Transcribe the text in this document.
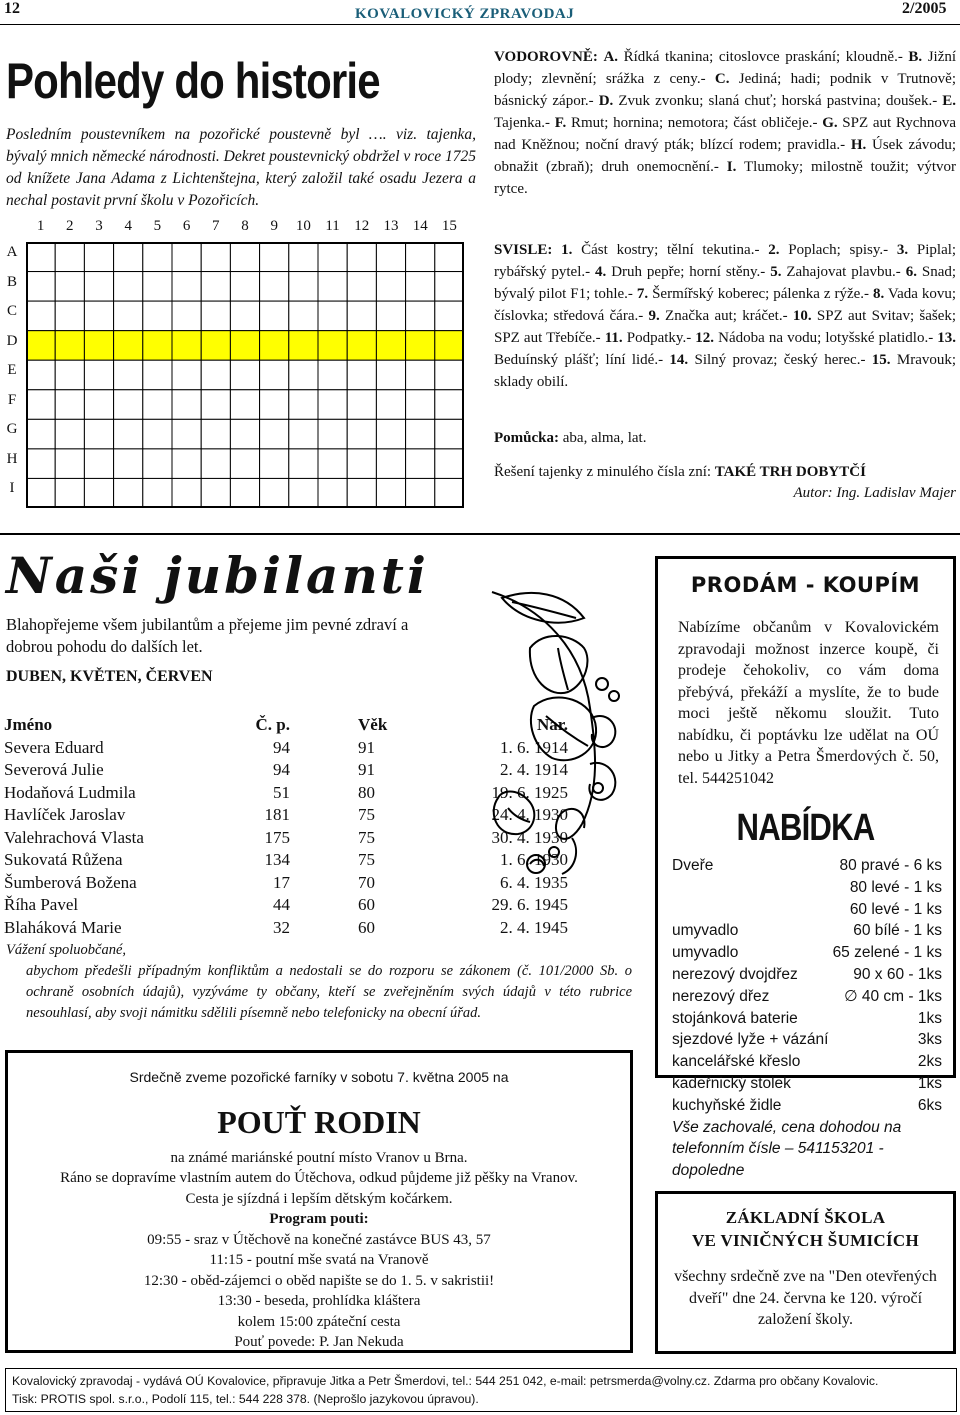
12	KOVALOVICKÝ ZPRAVODAJ	2/2005
Pohledy do historie
Posledním poustevníkem na pozořické poustevně byl …. viz. tajenka, bývalý mnich německé národnosti. Dekret poustevnický obdržel v roce 1725 od knížete Jana Adama z Lichtenštejna, který založil také osadu Jezera a nechal postavit první školu v Pozořicích.
1	2	3	4	5	6	7	8	9	10 11 12 13 14 15
A
B
C
D
E
F
G
H
I
VODOROVNĚ: A. Řídká tkanina; citoslovce praskání; kloudně.- B. Jižní plody; zlevnění; srážka z ceny.- C. Jediná; hadi; podnik v Trutnově; básnický zápor.- D. Zvuk zvonku; slaná chuť; horská pastvina; doušek.- E. Tajenka.- F. Rmut; hornina; nemotora; část obličeje.- G. SPZ aut Rychnova nad Kněžnou; noční dravý pták; blízcí rodem; pravidla.- H. Úsek závodu; obnažit (zbraň); druh onemocnění.- I. Tlumoky; milostně toužit; výtvor rytce.
SVISLE: 1. Část kostry; tělní tekutina.- 2. Poplach; spisy.- 3. Piplal; rybářský pytel.- 4. Druh pepře; horní stěny.- 5. Zahajovat plavbu.- 6. Snad; bývalý pilot F1; tohle.- 7. Šermířský koberec; pálenka z rýže.- 8. Vada kovu; číslovka; středová čára.- 9. Značka aut; kráčet.- 10. SPZ aut Svitav; šašek; SPZ aut Třebíče.- 11. Podpatky.- 12. Nádoba na vodu; lotyšské platidlo.- 13. Beduínský plášť; líní lidé.- 14. Silný provaz; český herec.- 15. Mravouk; sklady obilí.
Pomůcka: aba, alma, lat.
Řešení tajenky z minulého čísla zní: TAKÉ TRH DOBYTČÍ
Autor: Ing. Ladislav Majer
Naši jubilanti
Blahopřejeme všem jubilantům a přejeme jim pevné zdraví a dobrou pohodu do dalších let.
DUBEN, KVĚTEN, ČERVEN
Jméno	Č. p.	Věk	Nar.
Severa Eduard	94	91	1. 6. 1914
Severová Julie	94	91	2. 4. 1914
Hodaňová Ludmila	51	80	19. 6. 1925
Havlíček Jaroslav	181	75	24. 4. 1930
Valehrachová Vlasta	175	75	30. 4. 1930
Sukovatá Růžena	134	75	1. 6. 1930
Šumberová Božena	17	70	6. 4. 1935
Říha Pavel	44	60	29. 6. 1945
Blaháková Marie	32	60	2. 4. 1945
Vážení spoluobčané,
abychom předešli případným konfliktům a nedostali se do rozporu se zákonem (č. 101/2000 Sb. o ochraně osobních údajů), vyzýváme ty občany, kteří se zveřejněním svých údajů v této rubrice nesouhlasí, aby svoji námitku sdělili písemně nebo telefonicky na obecní úřad.
Srdečně zveme pozořické farníky v sobotu 7. května 2005 na
POUŤ RODIN
na známé mariánské poutní místo Vranov u Brna.
Ráno se dopravíme vlastním autem do Útěchova, odkud půjdeme již pěšky na Vranov.
Cesta je sjízdná i lepším dětským kočárkem.
Program pouti:
09:55 - sraz v Útěchově na konečné zastávce BUS 43, 57
11:15 - poutní mše svatá na Vranově
12:30 - oběd-zájemci o oběd napište se do 1. 5. v sakristii!
13:30 - beseda, prohlídka kláštera
kolem 15:00 zpáteční cesta
Pouť povede: P. Jan Nekuda
PRODÁM - KOUPÍM
Nabízíme občanům v Kovalovickém zpravodaji možnost inzerce koupě, či prodeje čehokoliv, co vám doma přebývá, překáží a myslíte, že to bude moci ještě někomu sloužit. Tuto nabídku, či poptávku lze udělat na OÚ nebo u Jitky a Petra Šmerdových č. 50, tel. 544251042
NABÍDKA
Dveře	80 pravé - 6 ks
80 levé - 1 ks
60 levé - 1 ks
umyvadlo	60 bílé - 1 ks
umyvadlo	65 zelené - 1 ks
nerezový dvojdřez	90 x 60 - 1ks
nerezový dřez	∅ 40 cm - 1ks
stojánková baterie	1ks
sjezdové lyže + vázání	3ks
kancelářské křeslo	2ks
kadeřnický stolek	1ks
kuchyňské židle	6ks
Vše zachovalé, cena dohodou na telefonním čísle – 541153201 - dopoledne
ZÁKLADNÍ ŠKOLA
VE VINIČNÝCH ŠUMICÍCH
všechny srdečně zve na "Den otevřených dveří" dne 24. června ke 120. výročí založení školy.
Kovalovický zpravodaj - vydává OÚ Kovalovice, připravuje Jitka a Petr Šmerdovi, tel.: 544 251 042, e-mail: petrsmerda@volny.cz. Zdarma pro občany Kovalovic.
Tisk: PROTIS spol. s.r.o., Podolí 115, tel.: 544 228 378. (Neprošlo jazykovou úpravou).
